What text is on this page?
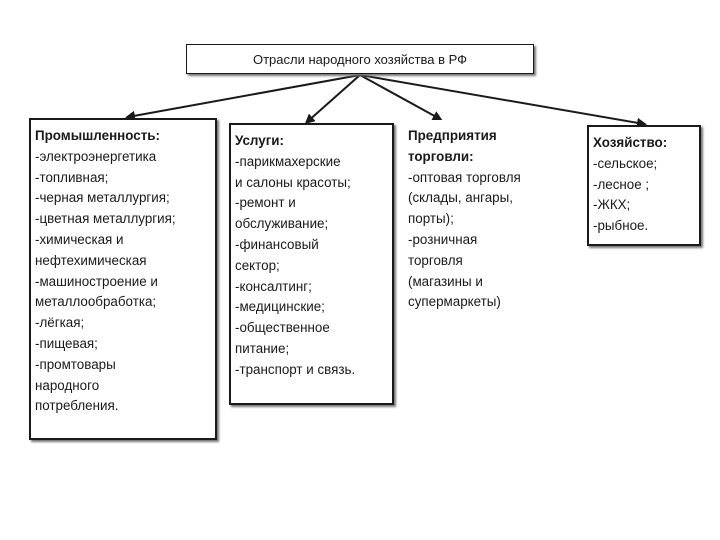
Отрасли народного хозяйства в РФ
Промышленность:
-электроэнергетика
-топливная;
-черная металлургия;
-цветная металлургия;
-химическая и
нефтехимическая
-машиностроение и
металлообработка;
-лёгкая;
-пищевая;
-промтовары
народного
потребления.
Услуги:
-парикмахерские
и салоны красоты;
-ремонт и
обслуживание;
-финансовый
сектор;
-консалтинг;
-медицинские;
-общественное
питание;
-транспорт и связь.
Предприятия
торговли:
-оптовая торговля
(склады, ангары,
порты);
-розничная
торговля
(магазины и
супермаркеты)
Хозяйство:
-сельское;
-лесное ;
-ЖКХ;
-рыбное.
